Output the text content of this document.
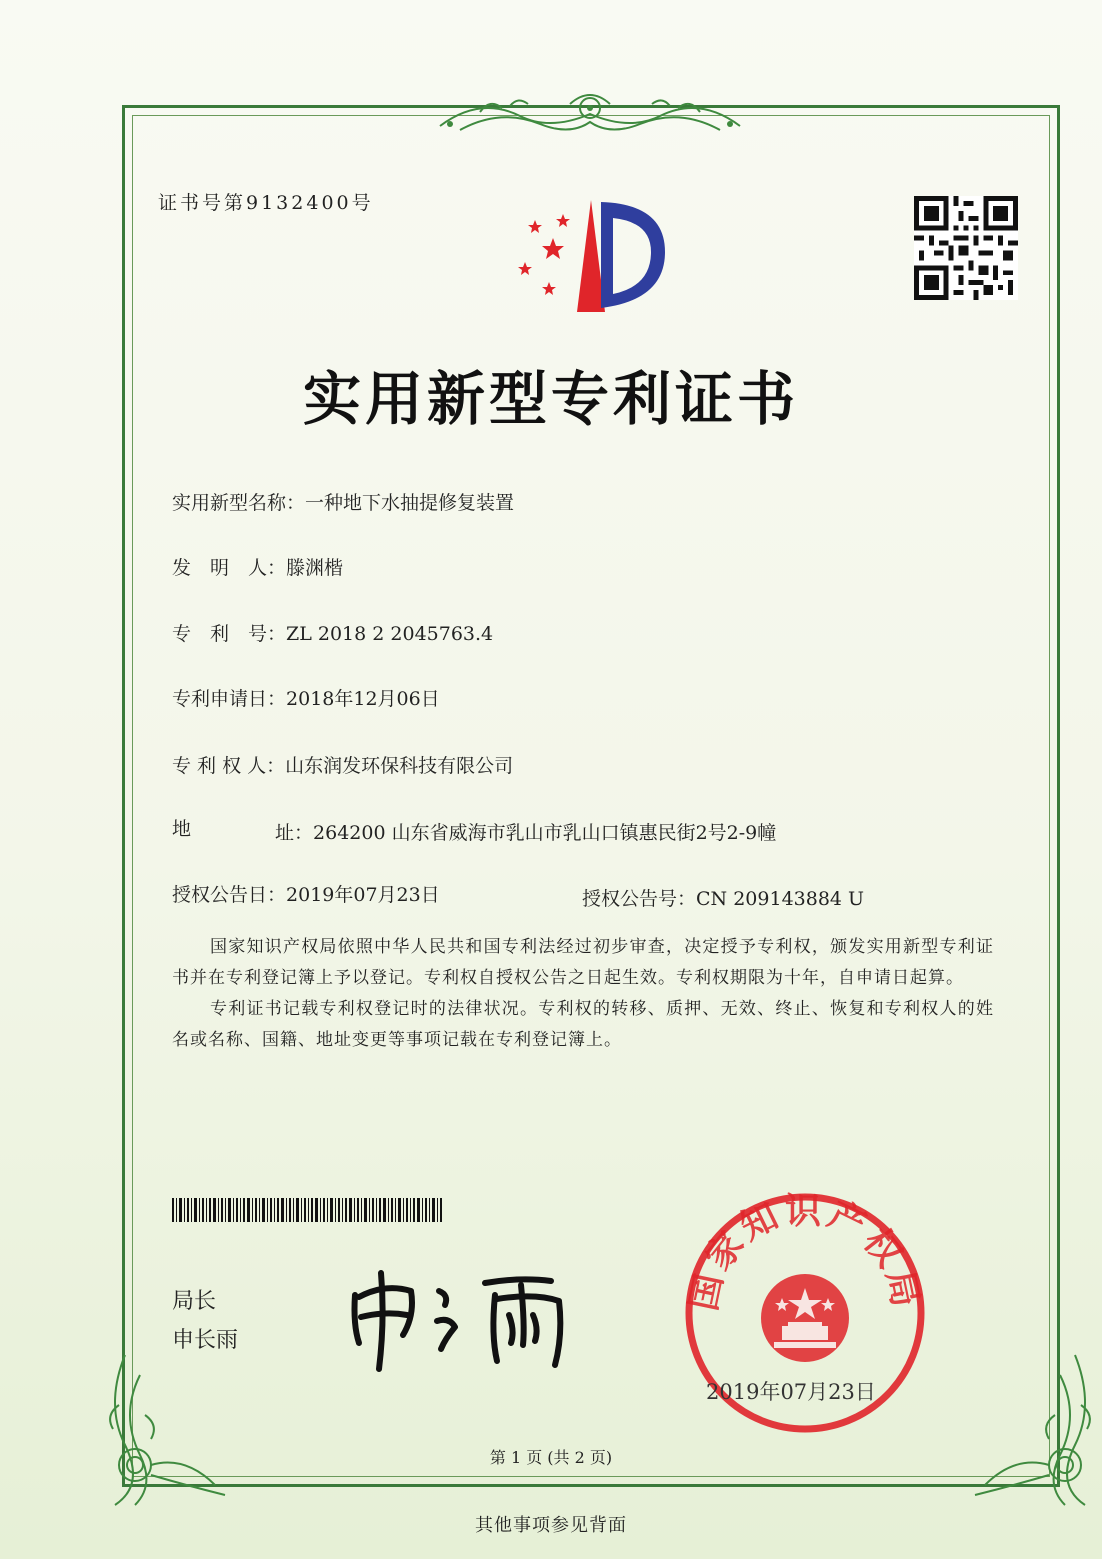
证书号第9132400号
实用新型专利证书
实用新型名称：一种地下水抽提修复装置
发　明　人：滕渊楷
专　利　号：ZL 2018 2 2045763.4
专利申请日：2018年12月06日
专 利 权 人：山东润发环保科技有限公司
地	址：264200 山东省威海市乳山市乳山口镇惠民街2号2-9幢
授权公告日：2019年07月23日	授权公告号：CN 209143884 U

国家知识产权局依照中华人民共和国专利法经过初步审查，决定授予专利权，颁发实用新型专利证书并在专利登记簿上予以登记。专利权自授权公告之日起生效。专利权期限为十年，自申请日起算。

专利证书记载专利权登记时的法律状况。专利权的转移、质押、无效、终止、恢复和专利权人的姓名或名称、国籍、地址变更等事项记载在专利登记簿上。

局长
申长雨
国家知识产权局
2019年07月23日
第 1 页 (共 2 页)
其他事项参见背面
